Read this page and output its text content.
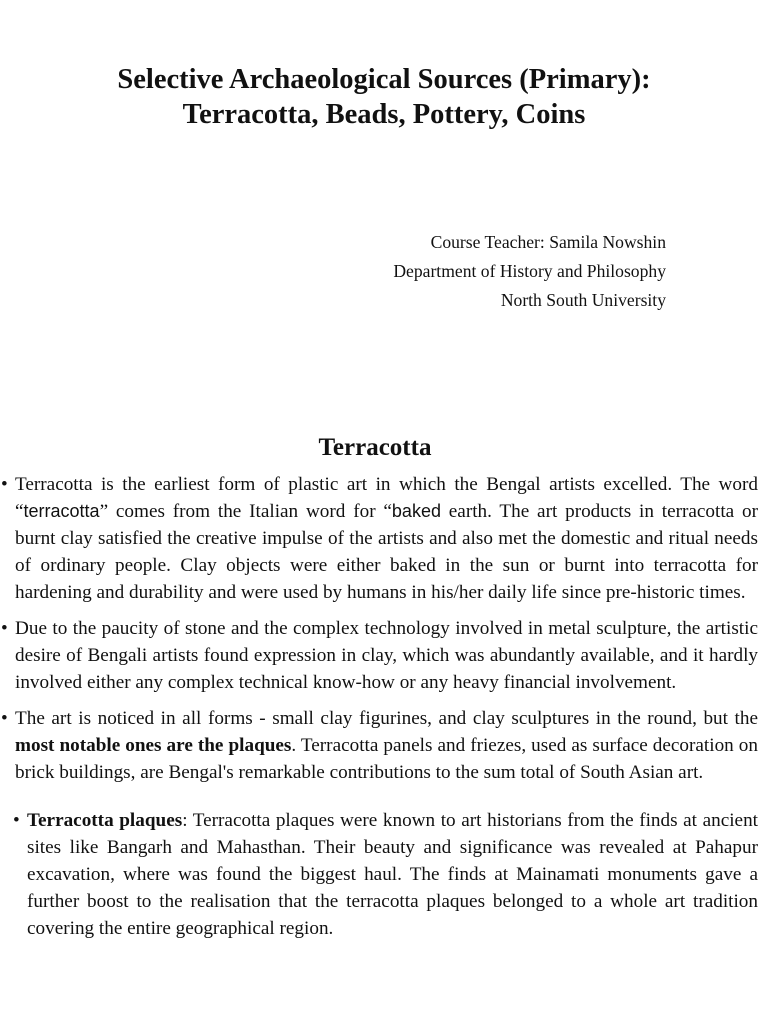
Selective Archaeological Sources (Primary): Terracotta, Beads, Pottery, Coins
Course Teacher: Samila Nowshin
Department of History and Philosophy
North South University
Terracotta

• Terracotta is the earliest form of plastic art in which the Bengal artists excelled. The word “terracotta” comes from the Italian word for “baked earth. The art products in terracotta or burnt clay satisfied the creative impulse of the artists and also met the domestic and ritual needs of ordinary people. Clay objects were either baked in the sun or burnt into terracotta for hardening and durability and were used by humans in his/her daily life since pre-historic times.

• Due to the paucity of stone and the complex technology involved in metal sculpture, the artistic desire of Bengali artists found expression in clay, which was abundantly available, and it hardly involved either any complex technical know-how or any heavy financial involvement.

• The art is noticed in all forms - small clay figurines, and clay sculptures in the round, but the most notable ones are the plaques. Terracotta panels and friezes, used as surface decoration on brick buildings, are Bengal's remarkable contributions to the sum total of South Asian art.

• Terracotta plaques: Terracotta plaques were known to art historians from the finds at ancient sites like Bangarh and Mahasthan. Their beauty and significance was revealed at Pahapur excavation, where was found the biggest haul. The finds at Mainamati monuments gave a further boost to the realisation that the terracotta plaques belonged to a whole art tradition covering the entire geographical region.
